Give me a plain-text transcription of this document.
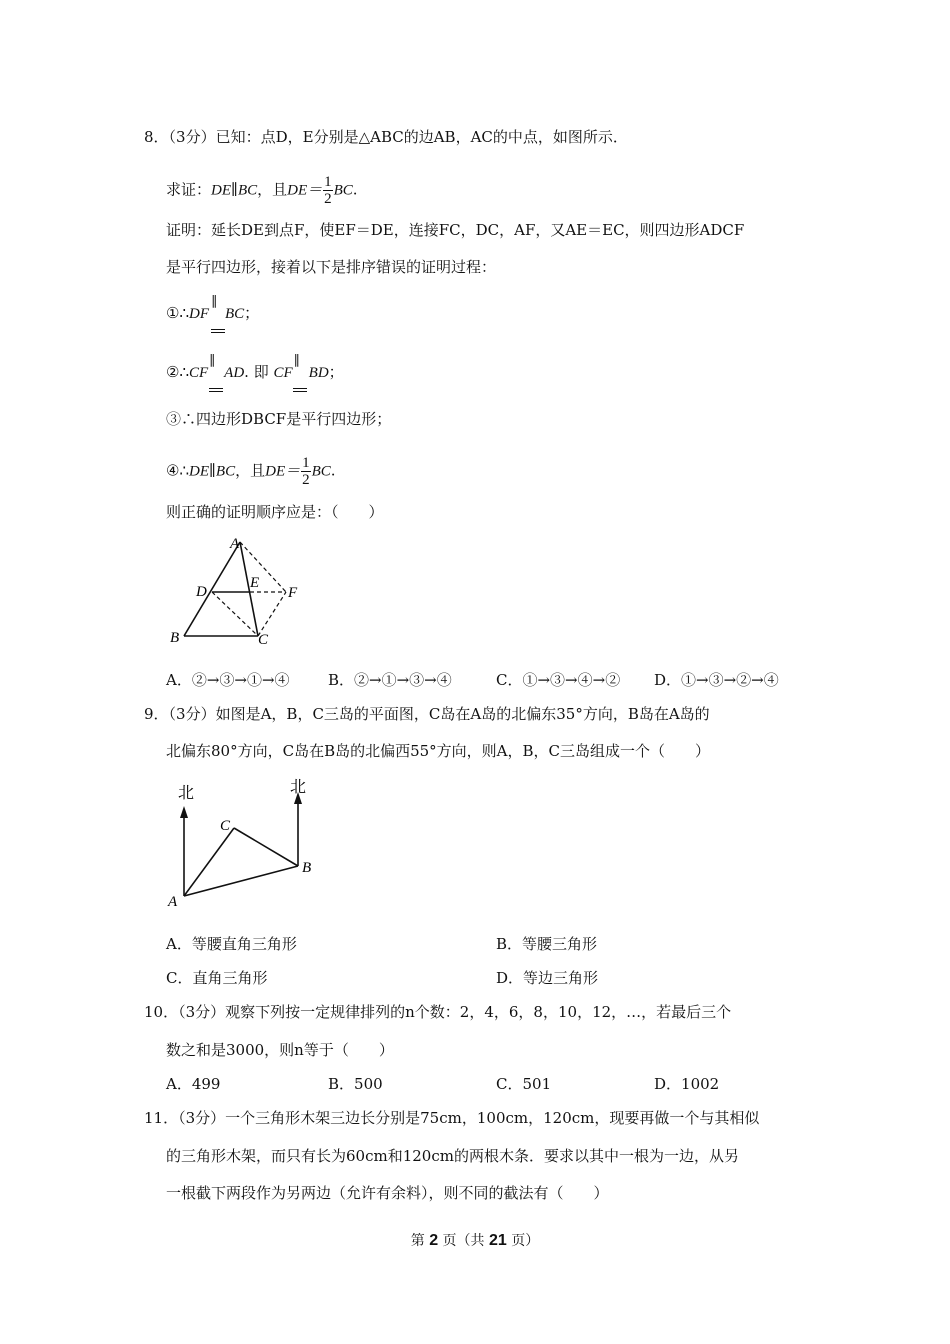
8．（3分）已知：点D，E分别是△ABC的边AB，AC的中点，如图所示．
求证：DE∥BC，且$DE= \frac{1}{2}$ BC.
证明：延长DE到点F，使EF＝DE，连接FC，DC，AF，又AE＝EC，则四边形ADCF
是平行四边形，接着以下是排序错误的证明过程：
①∴DF
∥
BC；
②∴CF
∥
AD. 即 CF
∥
BD；
③∴四边形DBCF是平行四边形；
④∴DE∥BC，且$DE= \frac{1}{2}$ BC.
则正确的证明顺序应是：（　　）
A
B	C
D
E
F
A．②→③→①→④	B．②→①→③→④	C．①→③→④→② D．①→③→②→④
9．（3分）如图是A，B，C三岛的平面图，C岛在A岛的北偏东35°方向，B岛在A岛的
北偏东80°方向，C岛在B岛的北偏西55°方向，则A，B，C三岛组成一个（　　）
北	北
A
B
C
A．等腰直角三角形	B．等腰三角形
C．直角三角形	D．等边三角形
10．（3分）观察下列按一定规律排列的n个数：2，4，6，8，10，12，…，若最后三个
数之和是3000，则n等于（　　）
A．499	B．500	C．501	D．1002
11．（3分）一个三角形木架三边长分别是75cm，100cm，120cm，现要再做一个与其相似
的三角形木架，而只有长为60cm和120cm的两根木条．要求以其中一根为一边，从另
一根截下两段作为另两边（允许有余料），则不同的截法有（　　）
第 2 页（共 21 页）
